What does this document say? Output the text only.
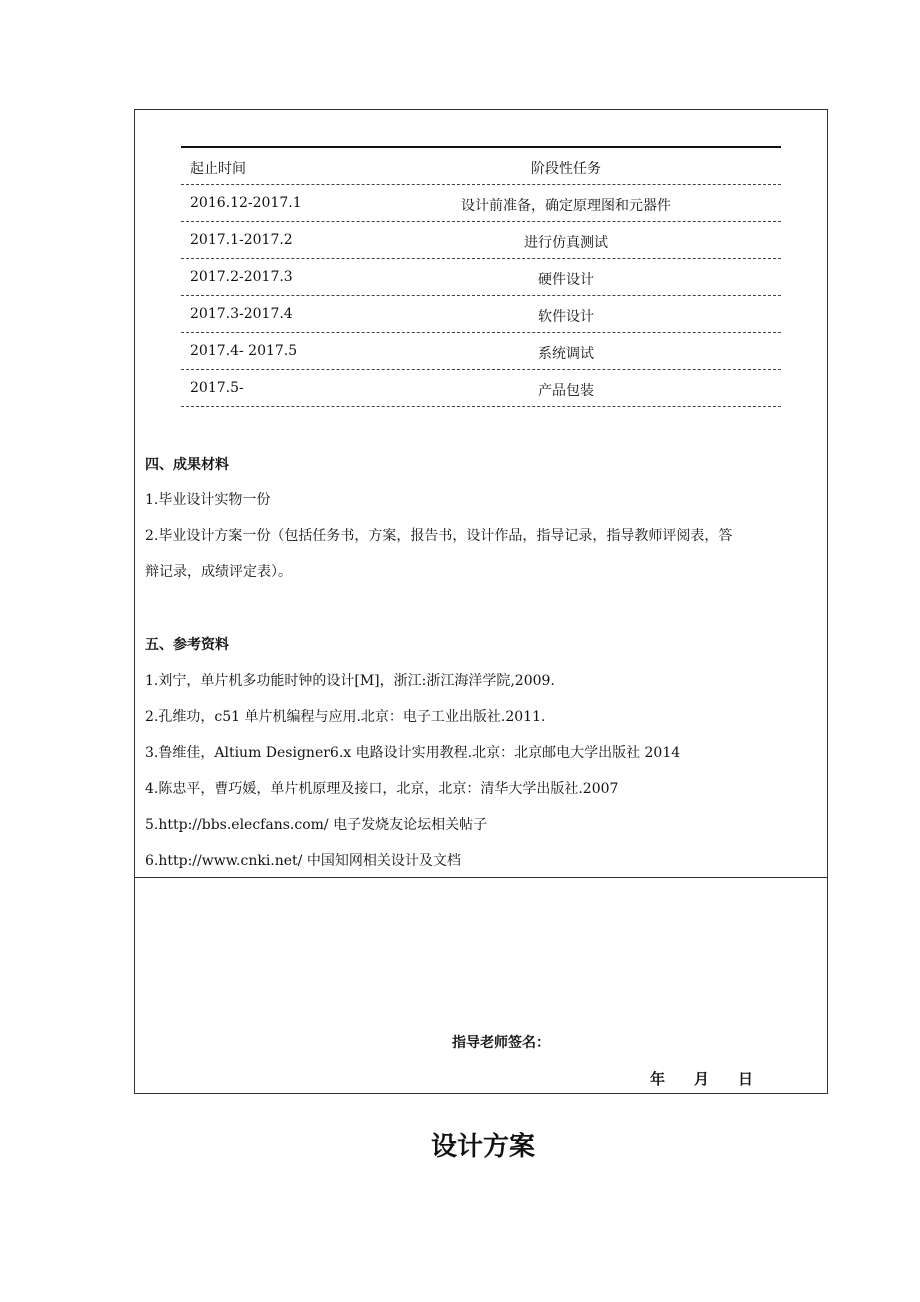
起止时间	阶段性任务
2016.12-2017.1	设计前准备，确定原理图和元器件
2017.1-2017.2	进行仿真测试
2017.2-2017.3	硬件设计
2017.3-2017.4	软件设计
2017.4- 2017.5	系统调试
2017.5-	产品包装
四、成果材料
1.毕业设计实物一份
2.毕业设计方案一份（包括任务书，方案，报告书，设计作品，指导记录，指导教师评阅表，答
辩记录，成绩评定表）。
五、参考资料
1.刘宁，单片机多功能时钟的设计[M]，浙江:浙江海洋学院,2009.
2.孔维功，c51 单片机编程与应用.北京：电子工业出版社.2011.
3.鲁维佳，Altium Designer6.x 电路设计实用教程.北京：北京邮电大学出版社 2014
4.陈忠平，曹巧媛，单片机原理及接口，北京，北京：清华大学出版社.2007
5.http://bbs.elecfans.com/ 电子发烧友论坛相关帖子
6.http://www.cnki.net/ 中国知网相关设计及文档
指导老师签名：
年 月 日
设计方案
